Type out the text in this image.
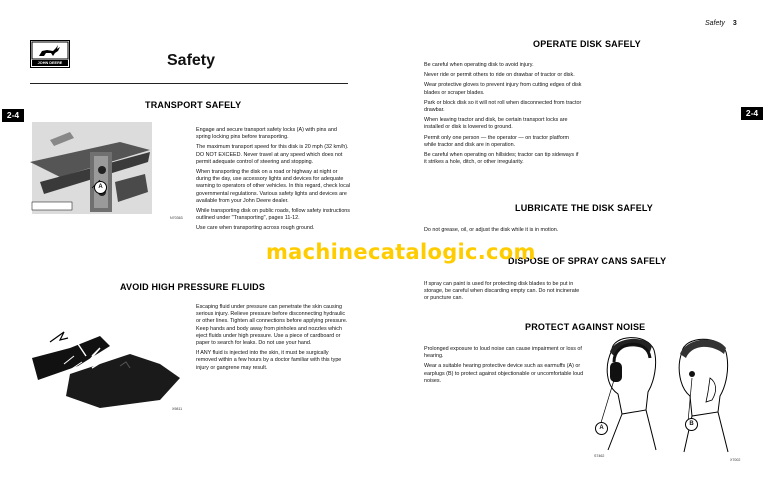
Safety 3
JOHN DEERE	Safety
2-4	2-4
TRANSPORT SAFELY
A
N70363

Engage and secure transport safety locks (A) with pins and spring locking pins before transporting.

The maximum transport speed for this disk is 20 mph (32 km/h). DO NOT EXCEED. Never travel at any speed which does not permit adequate control of steering and stopping.

When transporting the disk on a road or highway at night or during the day, use accessory lights and devices for adequate warning to operators of other vehicles. In this regard, check local governmental regulations. Various safety lights and devices are available from your John Deere dealer.

While transporting disk on public roads, follow safety instructions outlined under "Transporting", pages 11-12.

Use care when transporting across rough ground.

AVOID HIGH PRESSURE FLUIDS
X9811

Escaping fluid under pressure can penetrate the skin causing serious injury. Relieve pressure before disconnecting hydraulic or other lines. Tighten all connections before applying pressure. Keep hands and body away from pinholes and nozzles which eject fluids under high pressure. Use a piece of cardboard or paper to search for leaks. Do not use your hand.

If ANY fluid is injected into the skin, it must be surgically removed within a few hours by a doctor familiar with this type injury or gangrene may result.

OPERATE DISK SAFELY

Be careful when operating disk to avoid injury.

Never ride or permit others to ride on drawbar of tractor or disk.

Wear protective gloves to prevent injury from cutting edges of disk blades or scraper blades.

Park or block disk so it will not roll when disconnected from tractor drawbar.

When leaving tractor and disk, be certain transport locks are installed or disk is lowered to ground.

Permit only one person — the operator — on tractor platform while tractor and disk are in operation.

Be careful when operating on hillsides; tractor can tip sideways if it strikes a hole, ditch, or other irregularity.

LUBRICATE THE DISK SAFELY

Do not grease, oil, or adjust the disk while it is in motion.

DISPOSE OF SPRAY CANS SAFELY

If spray can paint is used for protecting disk blades to be put in storage, be careful when discarding empty can. Do not incinerate or puncture can.

PROTECT AGAINST NOISE

Prolonged exposure to loud noise can cause impairment or loss of hearing.

Wear a suitable hearing protective device such as earmuffs (A) or earplugs (B) to protect against objectionable or uncomfortable loud noises.

A
B
S7462
X7002
machinecatalogic.com
